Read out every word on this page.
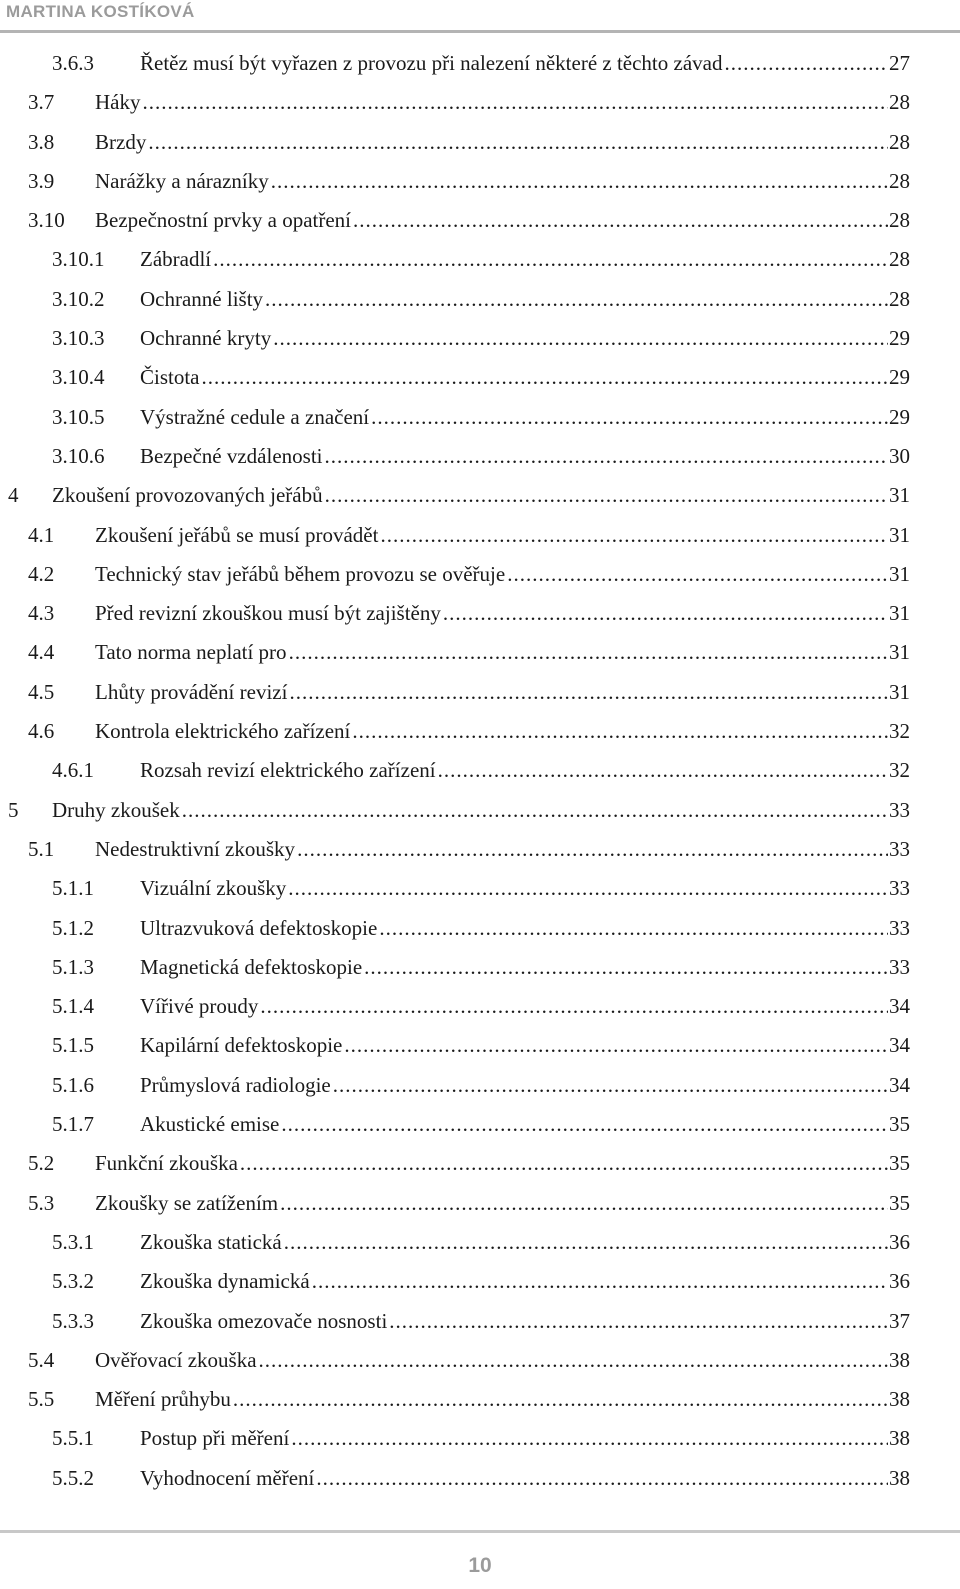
MARTINA KOSTÍKOVÁ
3.6.3 Řetěz musí být vyřazen z provozu při nalezení některé z těchto závad .....	27
3.7 Háky .....	28
3.8 Brzdy .....	28
3.9 Narážky a nárazníky .....	28
3.10 Bezpečnostní prvky a opatření .....	28
3.10.1 Zábradlí .....	28
3.10.2 Ochranné lišty .....	28
3.10.3 Ochranné kryty .....	29
3.10.4 Čistota .....	29
3.10.5 Výstražné cedule a značení .....	29
3.10.6 Bezpečné vzdálenosti .....	30
4 Zkoušení provozovaných jeřábů .....	31
4.1 Zkoušení jeřábů se musí provádět .....	31
4.2 Technický stav jeřábů během provozu se ověřuje .....	31
4.3 Před revizní zkouškou musí být zajištěny .....	31
4.4 Tato norma neplatí pro .....	31
4.5 Lhůty provádění revizí .....	31
4.6 Kontrola elektrického zařízení .....	32
4.6.1 Rozsah revizí elektrického zařízení .....	32
5 Druhy zkoušek .....	33
5.1 Nedestruktivní zkoušky .....	33
5.1.1 Vizuální zkoušky .....	33
5.1.2 Ultrazvuková defektoskopie .....	33
5.1.3 Magnetická defektoskopie .....	33
5.1.4 Vířivé proudy .....	34
5.1.5 Kapilární defektoskopie .....	34
5.1.6 Průmyslová radiologie .....	34
5.1.7 Akustické emise .....	35
5.2 Funkční zkouška .....	35
5.3 Zkoušky se zatížením .....	35
5.3.1 Zkouška statická .....	36
5.3.2 Zkouška dynamická .....	36
5.3.3 Zkouška omezovače nosnosti .....	37
5.4 Ověřovací zkouška .....	38
5.5 Měření průhybu .....	38
5.5.1 Postup při měření .....	38
5.5.2 Vyhodnocení měření .....	38
10
